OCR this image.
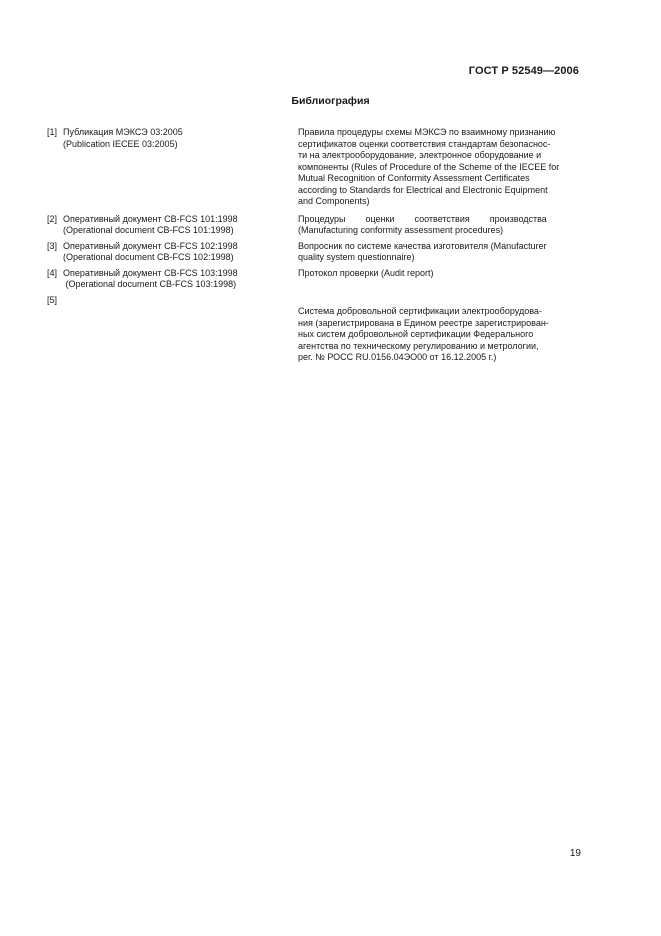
ГОСТ Р 52549—2006
Библиография
[1] Публикация МЭКСЭ 03:2005
(Publication IECEE 03:2005)
Правила процедуры схемы МЭКСЭ по взаимному признанию
сертификатов оценки соответствия стандартам безопаснос-
ти на электрооборудование, электронное оборудование и
компоненты (Rules of Procedure of the Scheme of the IECEE for
Mutual Recognition of Conformity Assessment Certificates
according to Standards for Electrical and Electronic Equipment
and Components)
[2] Оперативный документ CB-FCS 101:1998
(Operational document CB-FCS 101:1998)
Процедуры        оценки        соответствия        производства
(Manufacturing conformity assessment procedures)
[3] Оперативный документ CB-FCS 102:1998
(Operational document CB-FCS 102:1998)
Вопросник по системе качества изготовителя (Manufacturer
quality system questionnaire)
[4] Оперативный документ CB-FCS 103:1998
(Operational document CB-FCS 103:1998)
Протокол проверки (Audit report)
[5]
Система добровольной сертификации электрооборудова-
ния (зарегистрирована в Едином реестре зарегистрирован-
ных систем добровольной сертификации Федерального
агентства по техническому регулированию и метрологии,
рег. № РОСС RU.0156.04ЭО00 от 16.12.2005 г.)
19
